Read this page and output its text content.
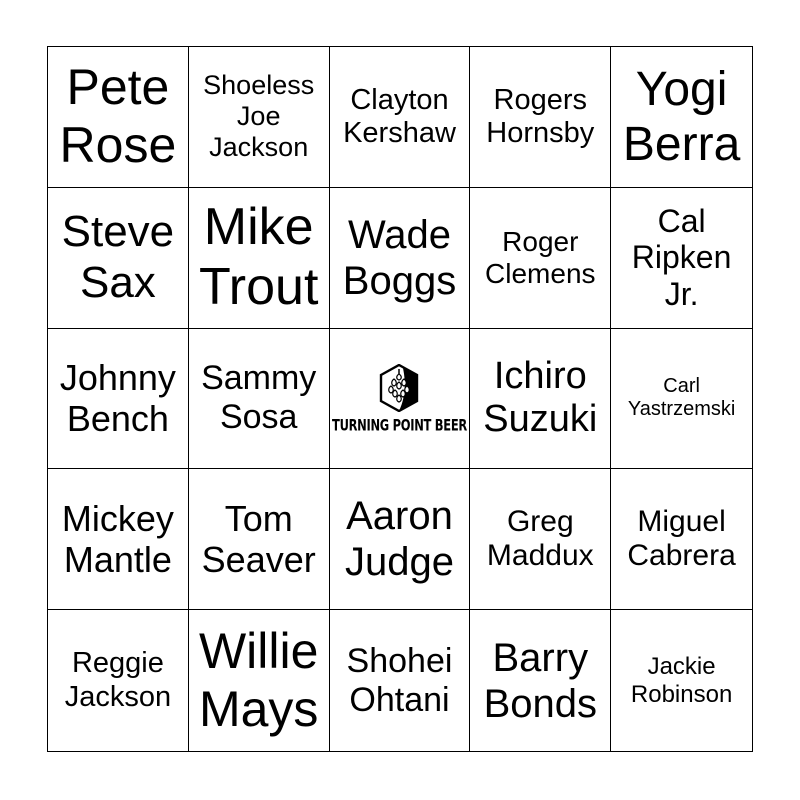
Pete
Rose
Shoeless
Joe
Jackson
Clayton
Kershaw
Rogers
Hornsby
Yogi
Berra
Steve
Sax
Mike
Trout
Wade
Boggs
Roger
Clemens
Cal
Ripken
Jr.
Johnny
Bench
Sammy
Sosa	TURNING POINT BEER
Ichiro
Suzuki
Carl
Yastrzemski
Mickey
Mantle
Tom
Seaver
Aaron
Judge
Greg
Maddux
Miguel
Cabrera
Reggie
Jackson
Willie
Mays
Shohei
Ohtani
Barry
Bonds
Jackie
Robinson
